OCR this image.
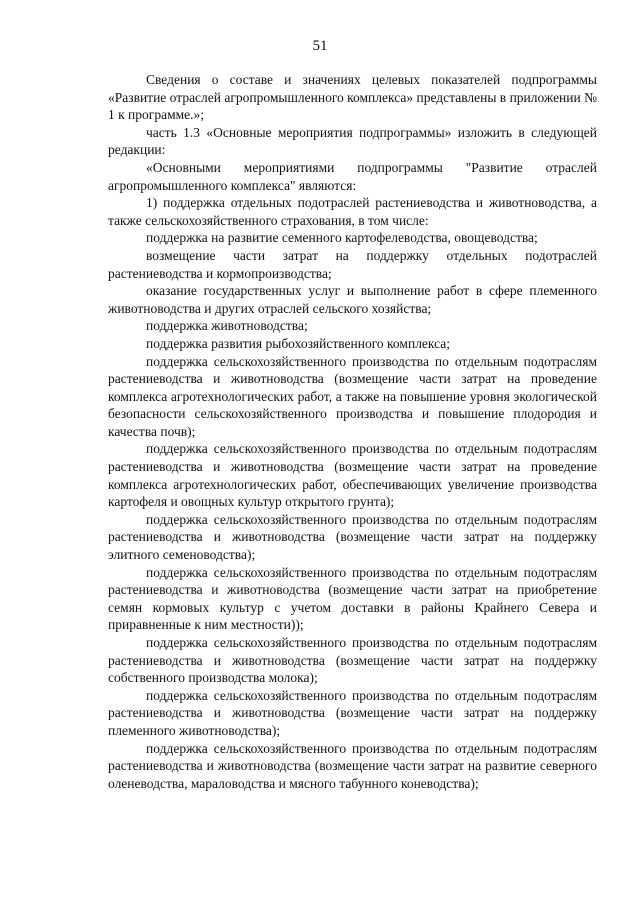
51

Сведения о составе и значениях целевых показателей подпрограммы «Развитие отраслей агропромышленного комплекса» представлены в приложении № 1 к программе.»;

часть 1.3 «Основные мероприятия подпрограммы» изложить в следующей редакции:

«Основными мероприятиями подпрограммы "Развитие отраслей агропромышленного комплекса" являются:

1) поддержка отдельных подотраслей растениеводства и животноводства, а также сельскохозяйственного страхования, в том числе:

поддержка на развитие семенного картофелеводства, овощеводства;

возмещение части затрат на поддержку отдельных подотраслей растениеводства и кормопроизводства;

оказание государственных услуг и выполнение работ в сфере племенного животноводства и других отраслей сельского хозяйства;

поддержка животноводства;

поддержка развития рыбохозяйственного комплекса;

поддержка сельскохозяйственного производства по отдельным подотраслям растениеводства и животноводства (возмещение части затрат на проведение комплекса агротехнологических работ, а также на повышение уровня экологической безопасности сельскохозяйственного производства и повышение плодородия и качества почв);

поддержка сельскохозяйственного производства по отдельным подотраслям растениеводства и животноводства (возмещение части затрат на проведение комплекса агротехнологических работ, обеспечивающих увеличение производства картофеля и овощных культур открытого грунта);

поддержка сельскохозяйственного производства по отдельным подотраслям растениеводства и животноводства (возмещение части затрат на поддержку элитного семеноводства);

поддержка сельскохозяйственного производства по отдельным подотраслям растениеводства и животноводства (возмещение части затрат на приобретение семян кормовых культур с учетом доставки в районы Крайнего Севера и приравненные к ним местности));

поддержка сельскохозяйственного производства по отдельным подотраслям растениеводства и животноводства (возмещение части затрат на поддержку собственного производства молока);

поддержка сельскохозяйственного производства по отдельным подотраслям растениеводства и животноводства (возмещение части затрат на поддержку племенного животноводства);

поддержка сельскохозяйственного производства по отдельным подотраслям растениеводства и животноводства (возмещение части затрат на развитие северного оленеводства, мараловодства и мясного табунного коневодства);
